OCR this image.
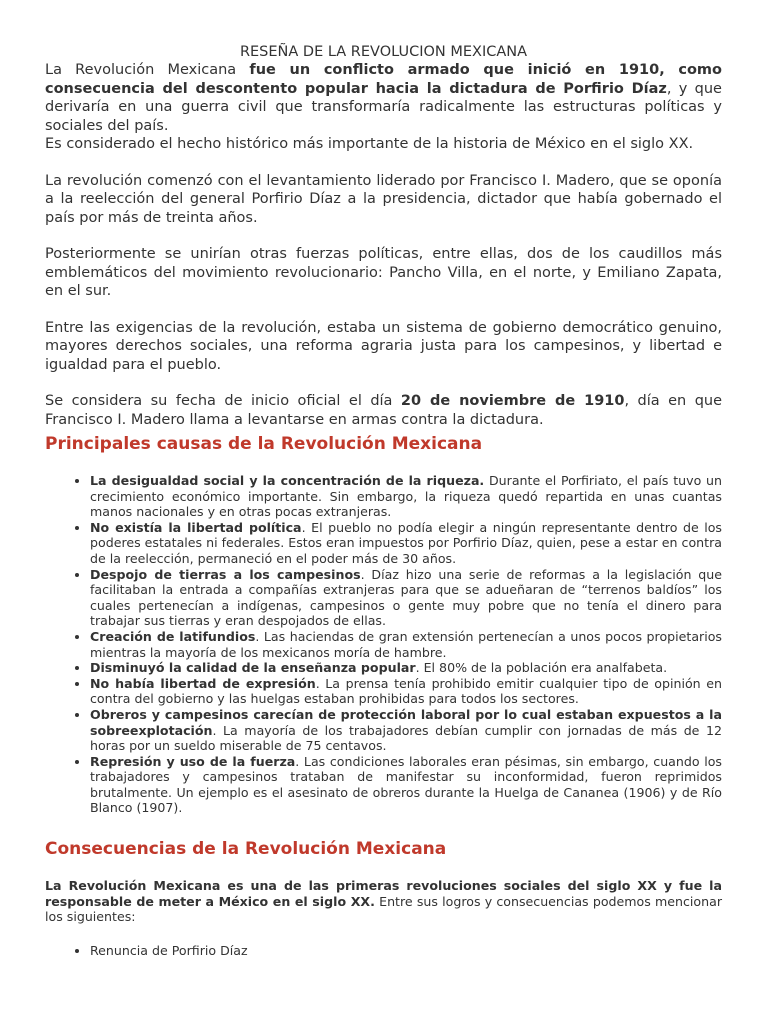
RESEÑA DE LA REVOLUCION MEXICANA

La Revolución Mexicana fue un conflicto armado que inició en 1910, como consecuencia del descontento popular hacia la dictadura de Porfirio Díaz, y que derivaría en una guerra civil que transformaría radicalmente las estructuras políticas y sociales del país.

Es considerado el hecho histórico más importante de la historia de México en el siglo XX.

La revolución comenzó con el levantamiento liderado por Francisco I. Madero, que se oponía a la reelección del general Porfirio Díaz a la presidencia, dictador que había gobernado el país por más de treinta años.

Posteriormente se unirían otras fuerzas políticas, entre ellas, dos de los caudillos más emblemáticos del movimiento revolucionario: Pancho Villa, en el norte, y Emiliano Zapata, en el sur.

Entre las exigencias de la revolución, estaba un sistema de gobierno democrático genuino, mayores derechos sociales, una reforma agraria justa para los campesinos, y libertad e igualdad para el pueblo.

Se considera su fecha de inicio oficial el día 20 de noviembre de 1910, día en que Francisco I. Madero llama a levantarse en armas contra la dictadura.

Principales causas de la Revolución Mexicana
• La desigualdad social y la concentración de la riqueza. Durante el Porfiriato, el país tuvo un crecimiento económico importante. Sin embargo, la riqueza quedó repartida en unas cuantas manos nacionales y en otras pocas extranjeras.
• No existía la libertad política. El pueblo no podía elegir a ningún representante dentro de los poderes estatales ni federales. Estos eran impuestos por Porfirio Díaz, quien, pese a estar en contra de la reelección, permaneció en el poder más de 30 años.
• Despojo de tierras a los campesinos. Díaz hizo una serie de reformas a la legislación que facilitaban la entrada a compañías extranjeras para que se adueñaran de “terrenos baldíos” los cuales pertenecían a indígenas, campesinos o gente muy pobre que no tenía el dinero para trabajar sus tierras y eran despojados de ellas.
• Creación de latifundios. Las haciendas de gran extensión pertenecían a unos pocos propietarios mientras la mayoría de los mexicanos moría de hambre.
• Disminuyó la calidad de la enseñanza popular. El 80% de la población era analfabeta.
• No había libertad de expresión. La prensa tenía prohibido emitir cualquier tipo de opinión en contra del gobierno y las huelgas estaban prohibidas para todos los sectores.
• Obreros y campesinos carecían de protección laboral por lo cual estaban expuestos a la sobreexplotación. La mayoría de los trabajadores debían cumplir con jornadas de más de 12 horas por un sueldo miserable de 75 centavos.
• Represión y uso de la fuerza. Las condiciones laborales eran pésimas, sin embargo, cuando los trabajadores y campesinos trataban de manifestar su inconformidad, fueron reprimidos brutalmente. Un ejemplo es el asesinato de obreros durante la Huelga de Cananea (1906) y de Río Blanco (1907).
Consecuencias de la Revolución Mexicana

La Revolución Mexicana es una de las primeras revoluciones sociales del siglo XX y fue la responsable de meter a México en el siglo XX. Entre sus logros y consecuencias podemos mencionar los siguientes:

• Renuncia de Porfirio Díaz
